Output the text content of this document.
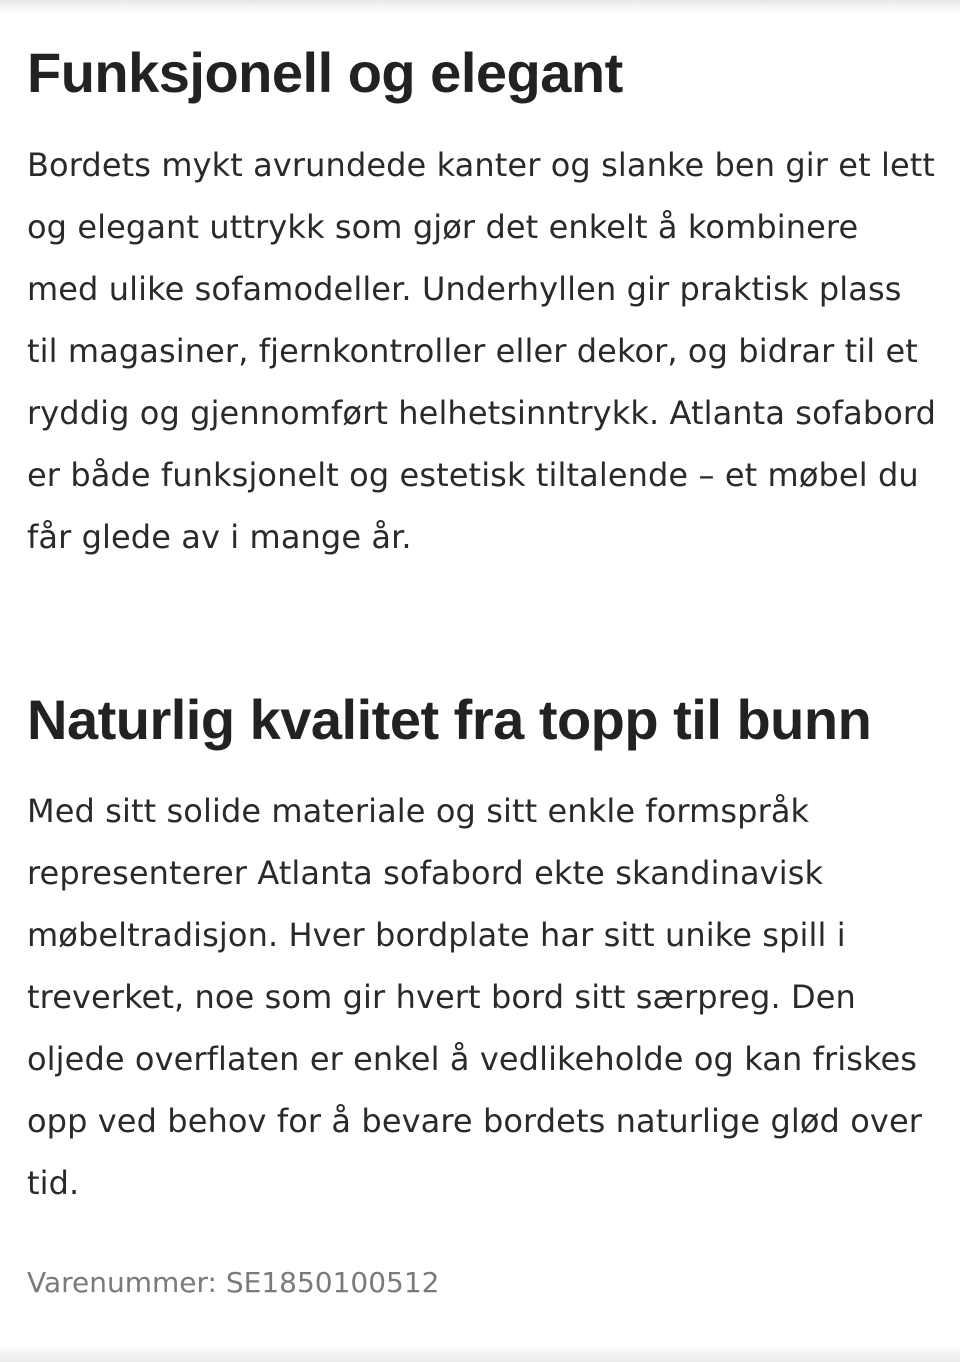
Funksjonell og elegant

Bordets mykt avrundede kanter og slanke ben gir et lett og elegant uttrykk som gjør det enkelt å kombinere med ulike sofamodeller. Underhyllen gir praktisk plass til magasiner, fjernkontroller eller dekor, og bidrar til et ryddig og gjennomført helhetsinntrykk. Atlanta sofabord er både funksjonelt og estetisk tiltalende – et møbel du får glede av i mange år.

Naturlig kvalitet fra topp til bunn

Med sitt solide materiale og sitt enkle formspråk representerer Atlanta sofabord ekte skandinavisk møbeltradisjon. Hver bordplate har sitt unike spill i treverket, noe som gir hvert bord sitt særpreg. Den oljede overflaten er enkel å vedlikeholde og kan friskes opp ved behov for å bevare bordets naturlige glød over tid.

Varenummer: SE1850100512
